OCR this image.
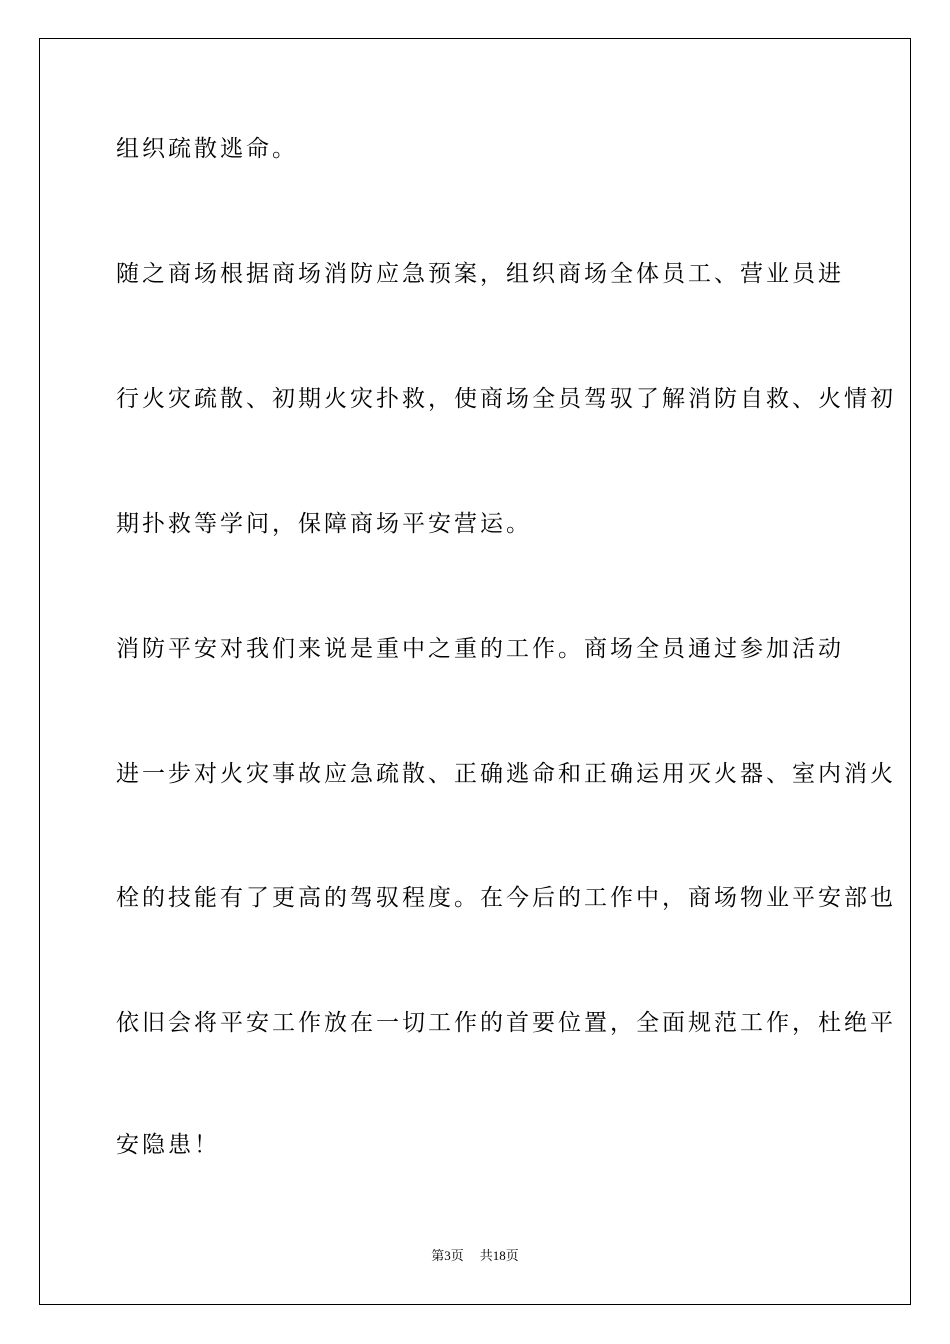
组织疏散逃命。
随之商场根据商场消防应急预案，组织商场全体员工、营业员进
行火灾疏散、初期火灾扑救，使商场全员驾驭了解消防自救、火情初
期扑救等学问，保障商场平安营运。
消防平安对我们来说是重中之重的工作。商场全员通过参加活动
进一步对火灾事故应急疏散、正确逃命和正确运用灭火器、室内消火
栓的技能有了更高的驾驭程度。在今后的工作中，商场物业平安部也
依旧会将平安工作放在一切工作的首要位置，全面规范工作，杜绝平
安隐患！
第3页 共18页
